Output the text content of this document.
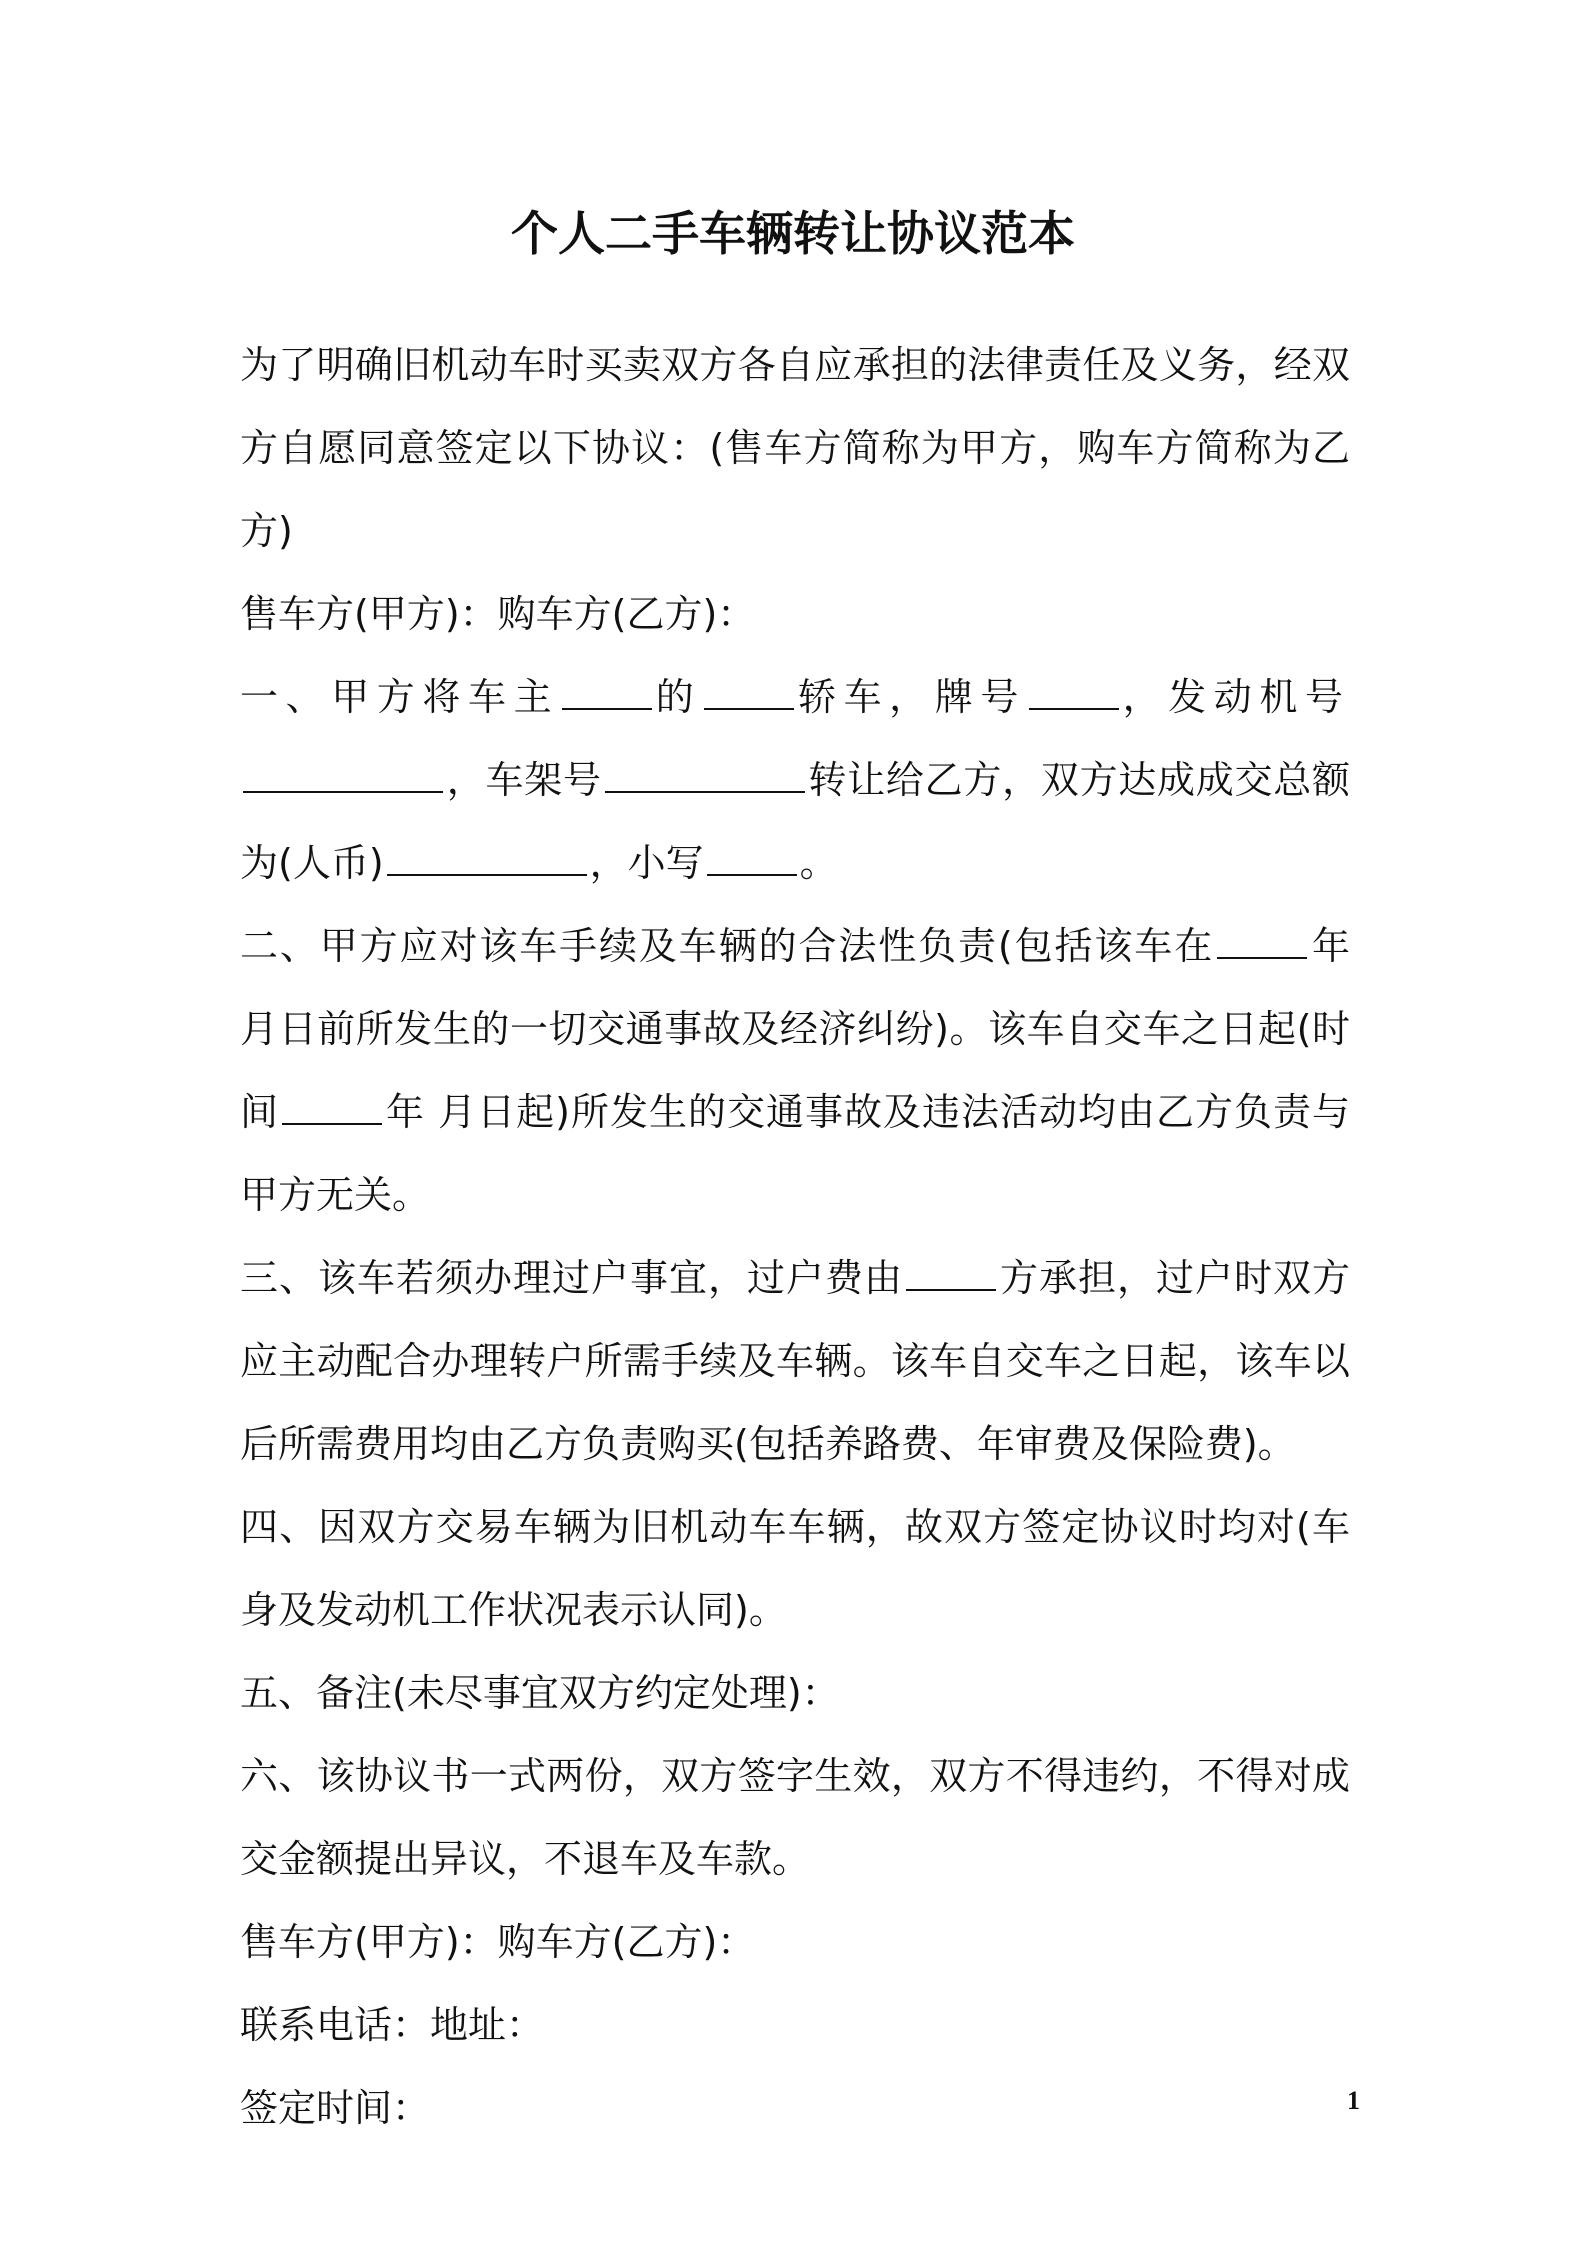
个人二手车辆转让协议范本

为了明确旧机动车时买卖双方各自应承担的法律责任及义务，经双方自愿同意签定以下协议：(售车方简称为甲方，购车方简称为乙方)

售车方(甲方)：购车方(乙方)：

一、甲方将车主	的	轿车，牌号	，发动机号，车架号	转让给乙方，双方达成成交总额为(人币)	，小写	。

二、甲方应对该车手续及车辆的合法性负责(包括该车在	年 月日前所发生的一切交通事故及经济纠纷)。该车自交车之日起(时间	年 月日起)所发生的交通事故及违法活动均由乙方负责与甲方无关。

三、该车若须办理过户事宜，过户费由	方承担，过户时双方应主动配合办理转户所需手续及车辆。该车自交车之日起，该车以后所需费用均由乙方负责购买(包括养路费、年审费及保险费)。

四、因双方交易车辆为旧机动车车辆，故双方签定协议时均对(车身及发动机工作状况表示认同)。

五、备注(未尽事宜双方约定处理)：

六、该协议书一式两份，双方签字生效，双方不得违约，不得对成交金额提出异议，不退车及车款。

售车方(甲方)：购车方(乙方)：

联系电话：地址：

签定时间：	1
